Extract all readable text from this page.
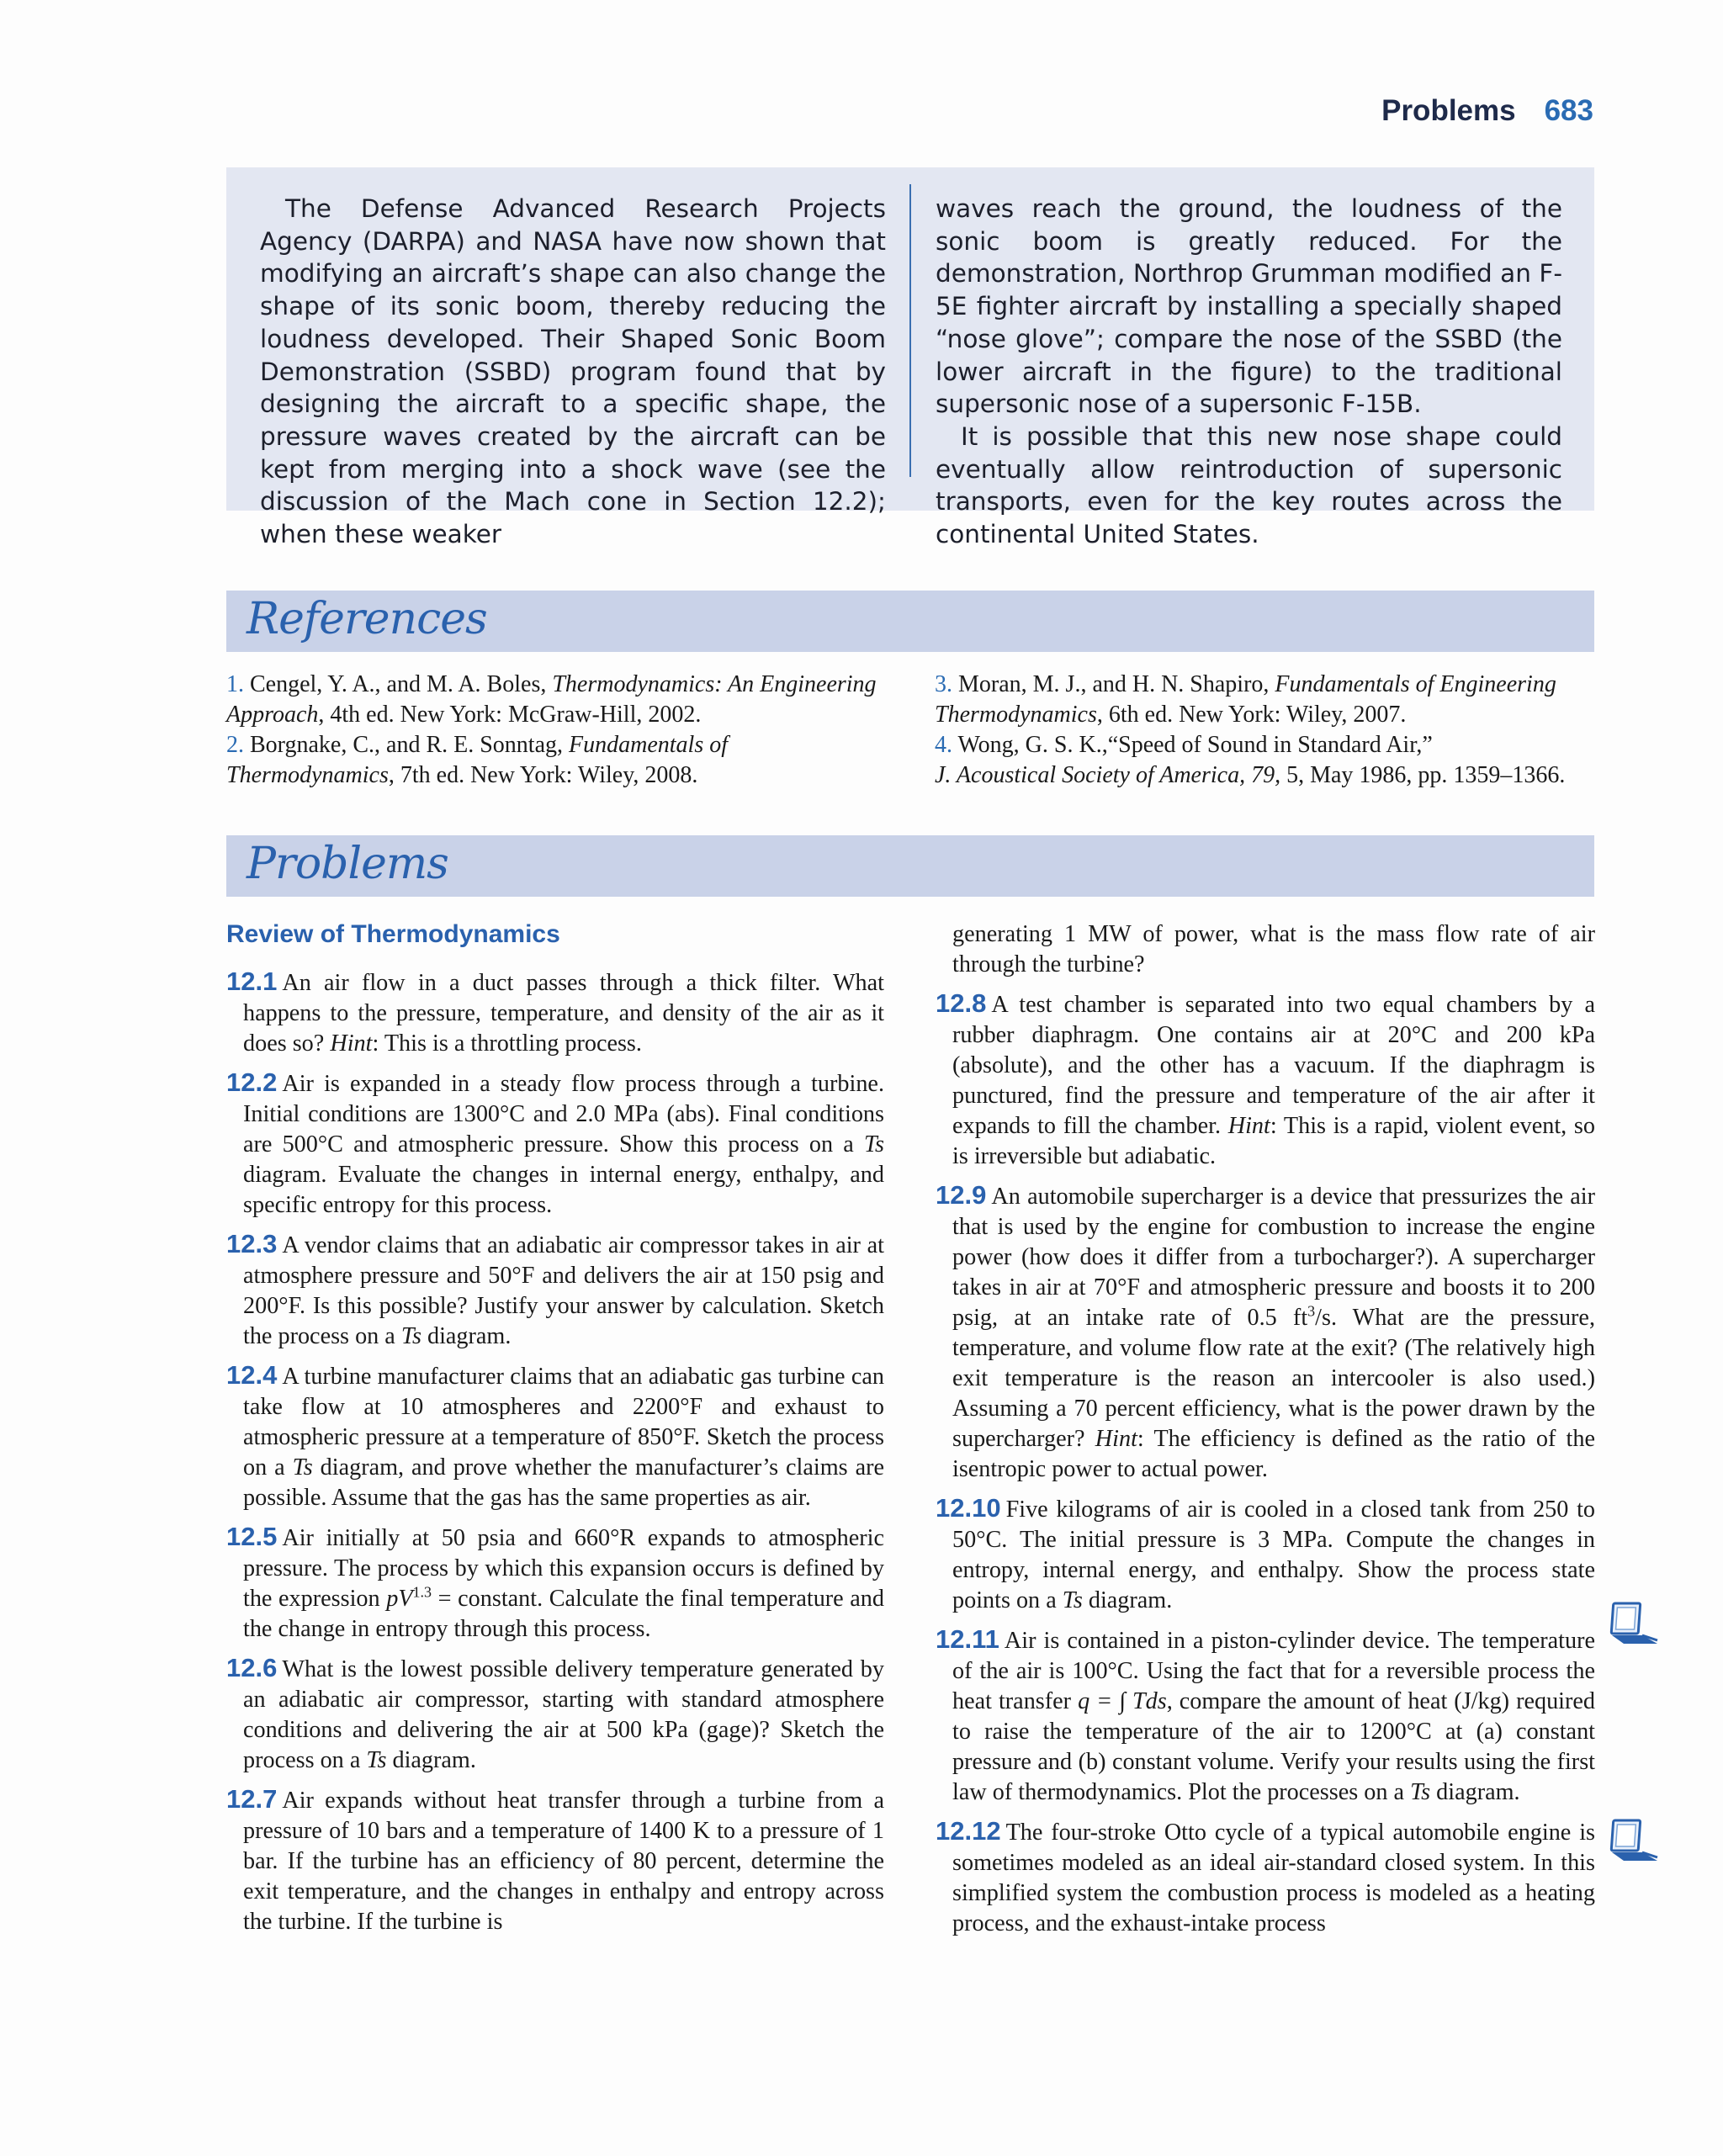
Problems 683

The Defense Advanced Research Projects Agency (DARPA) and NASA have now shown that modifying an aircraft’s shape can also change the shape of its sonic boom, thereby reducing the loudness developed. Their Shaped Sonic Boom Demonstration (SSBD) program found that by designing the aircraft to a specific shape, the pressure waves created by the aircraft can be kept from merging into a shock wave (see the discussion of the Mach cone in Section 12.2); when these weaker

waves reach the ground, the loudness of the sonic boom is greatly reduced. For the demonstration, Northrop Grumman modified an F-5E fighter aircraft by installing a specially shaped “nose glove”; compare the nose of the SSBD (the lower aircraft in the figure) to the traditional supersonic nose of a supersonic F-15B.

It is possible that this new nose shape could eventually allow reintroduction of supersonic transports, even for the key routes across the continental United States.

References

1. Cengel, Y. A., and M. A. Boles, Thermodynamics: An Engineering Approach, 4th ed. New York: McGraw-Hill, 2002.

2. Borgnake, C., and R. E. Sonntag, Fundamentals of Thermodynamics, 7th ed. New York: Wiley, 2008.

3. Moran, M. J., and H. N. Shapiro, Fundamentals of Engineering Thermodynamics, 6th ed. New York: Wiley, 2007.

4. Wong, G. S. K.,“Speed of Sound in Standard Air,”
J. Acoustical Society of America, 79, 5, May 1986, pp. 1359–1366.

Problems
Review of Thermodynamics

12.1 An air flow in a duct passes through a thick filter. What happens to the pressure, temperature, and density of the air as it does so? Hint: This is a throttling process.

12.2 Air is expanded in a steady flow process through a turbine. Initial conditions are 1300°C and 2.0 MPa (abs). Final conditions are 500°C and atmospheric pressure. Show this process on a Ts diagram. Evaluate the changes in internal energy, enthalpy, and specific entropy for this process.

12.3 A vendor claims that an adiabatic air compressor takes in air at atmosphere pressure and 50°F and delivers the air at 150 psig and 200°F. Is this possible? Justify your answer by calculation. Sketch the process on a Ts diagram.

12.4 A turbine manufacturer claims that an adiabatic gas turbine can take flow at 10 atmospheres and 2200°F and exhaust to atmospheric pressure at a temperature of 850°F. Sketch the process on a Ts diagram, and prove whether the manufacturer’s claims are possible. Assume that the gas has the same properties as air.

12.5 Air initially at 50 psia and 660°R expands to atmospheric pressure. The process by which this expansion occurs is defined by the expression $pV^{1.3}$ = constant. Calculate the final temperature and the change in entropy through this process.

12.6 What is the lowest possible delivery temperature generated by an adiabatic air compressor, starting with standard atmosphere conditions and delivering the air at 500 kPa (gage)? Sketch the process on a Ts diagram.

12.7 Air expands without heat transfer through a turbine from a pressure of 10 bars and a temperature of 1400 K to a pressure of 1 bar. If the turbine has an efficiency of 80 percent, determine the exit temperature, and the changes in enthalpy and entropy across the turbine. If the turbine is

generating 1 MW of power, what is the mass flow rate of air through the turbine?

12.8 A test chamber is separated into two equal chambers by a rubber diaphragm. One contains air at 20°C and 200 kPa (absolute), and the other has a vacuum. If the diaphragm is punctured, find the pressure and temperature of the air after it expands to fill the chamber. Hint: This is a rapid, violent event, so is irreversible but adiabatic.

12.9 An automobile supercharger is a device that pressurizes the air that is used by the engine for combustion to increase the engine power (how does it differ from a turbocharger?). A supercharger takes in air at 70°F and atmospheric pressure and boosts it to 200 psig, at an intake rate of 0.5 $ft^3/s$. What are the pressure, temperature, and volume flow rate at the exit? (The relatively high exit temperature is the reason an intercooler is also used.) Assuming a 70 percent efficiency, what is the power drawn by the supercharger? Hint: The efficiency is defined as the ratio of the isentropic power to actual power.

12.10 Five kilograms of air is cooled in a closed tank from 250 to 50°C. The initial pressure is 3 MPa. Compute the changes in entropy, internal energy, and enthalpy. Show the process state points on a Ts diagram.

12.11 Air is contained in a piston-cylinder device. The temperature of the air is 100°C. Using the fact that for a reversible process the heat transfer q = ∫ Tds, compare the amount of heat (J/kg) required to raise the temperature of the air to 1200°C at (a) constant pressure and (b) constant volume. Verify your results using the first law of thermodynamics. Plot the processes on a Ts diagram.

12.12 The four-stroke Otto cycle of a typical automobile engine is sometimes modeled as an ideal air-standard closed system. In this simplified system the combustion process is modeled as a heating process, and the exhaust-intake process
